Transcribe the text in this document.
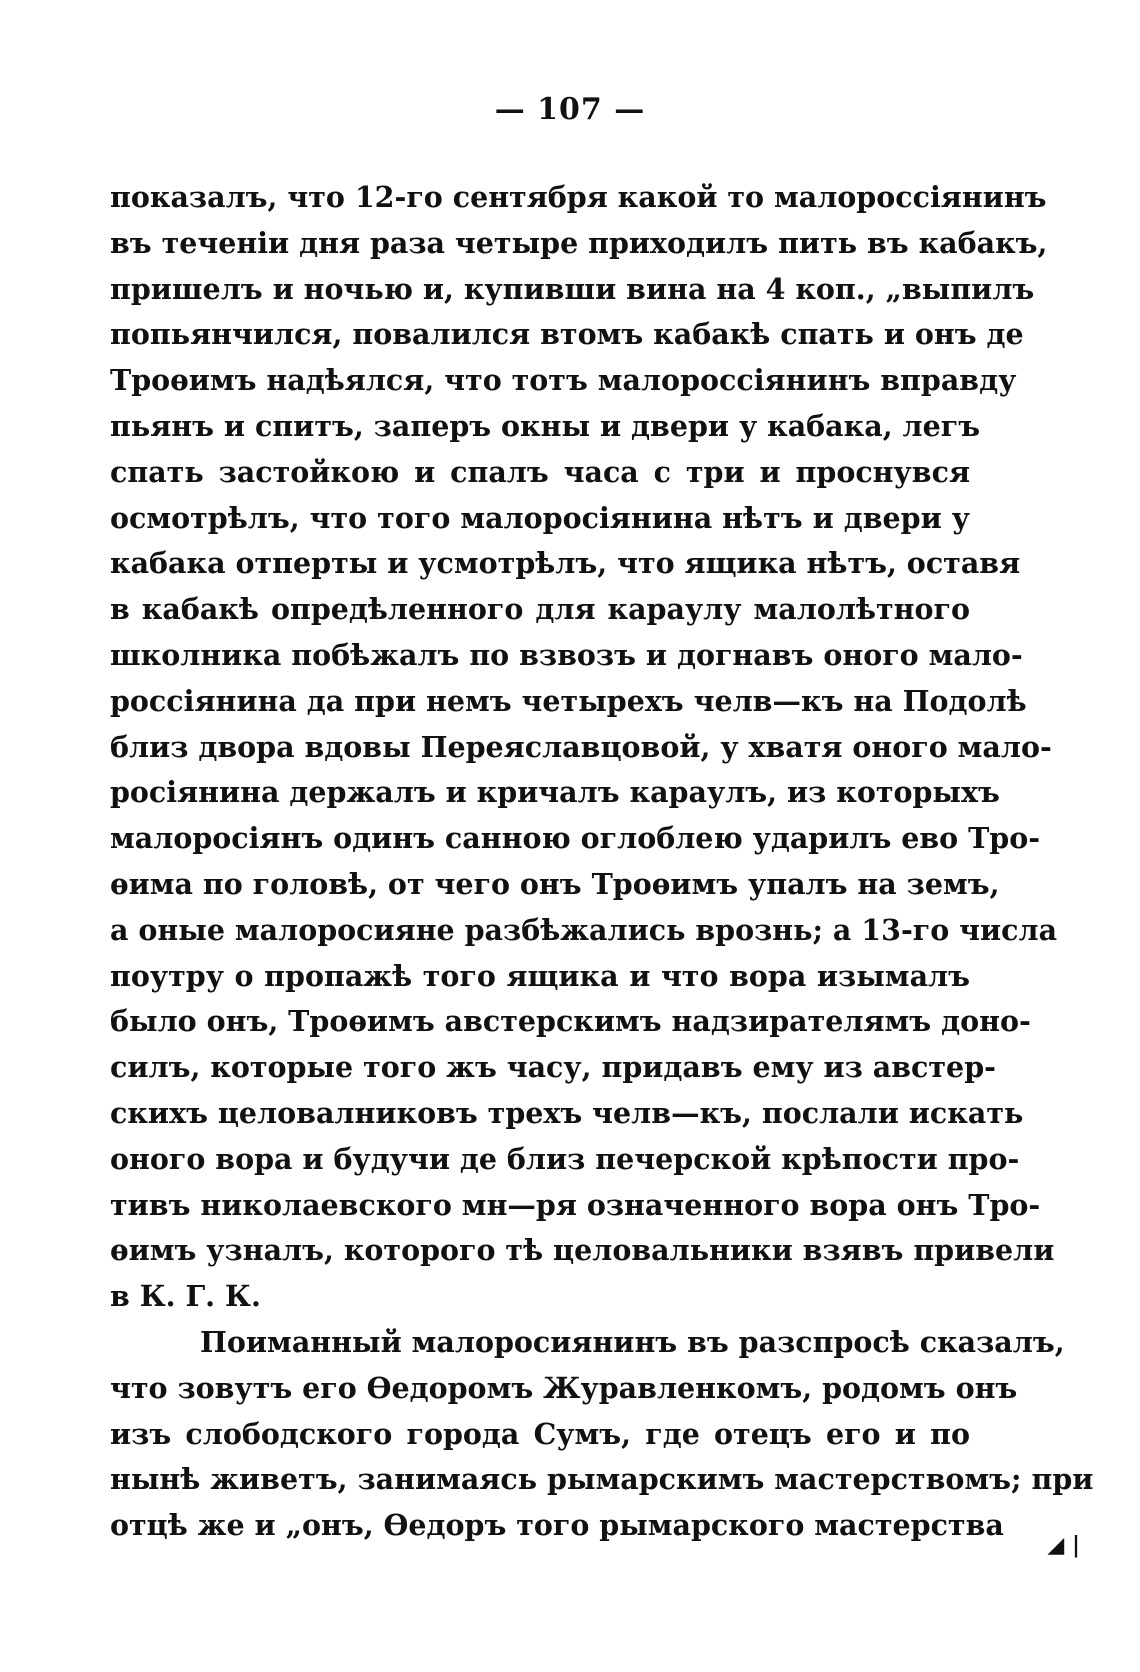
— 107 —
показалъ, что 12-го сентября какой то малороссіянинъ
въ теченіи дня раза четыре приходилъ пить въ кабакъ,
пришелъ и ночью и, купивши вина на 4 коп., „выпилъ
попьянчился, повалился втомъ кабакѣ спать и онъ де
Троѳимъ надѣялся, что тотъ малороссіянинъ вправду
пьянъ и спитъ, заперъ окны и двери у кабака, легъ
спать застойкою и спалъ часа с три и проснувся
осмотрѣлъ, что того малоросіянина нѣтъ и двери у
кабака отперты и усмотрѣлъ, что ящика нѣтъ, оставя
в кабакѣ опредѣленного для караулу малолѣтного
школника побѣжалъ по взвозъ и догнавъ оного мало-
россіянина да при немъ четырехъ челв—къ на Подолѣ
близ двора вдовы Переяславцовой, у хватя оного мало-
росіянина держалъ и кричалъ караулъ, из которыхъ
малоросіянъ одинъ санною оглоблею ударилъ ево Тро-
ѳима по головѣ, от чего онъ Троѳимъ упалъ на земъ,
а оные малоросияне разбѣжались врознь; а 13-го числа
поутру о пропажѣ того ящика и что вора изымалъ
было онъ, Троѳимъ австерскимъ надзирателямъ доно-
силъ, которые того жъ часу, придавъ ему из австер-
скихъ целовалниковъ трехъ челв—къ, послали искать
оного вора и будучи де близ печерской крѣпости про-
тивъ николаевского мн—ря означенного вора онъ Тро-
ѳимъ узналъ, которого тѣ целовальники взявъ привели
в К. Г. К.
Поиманный малоросиянинъ въ разспросѣ сказалъ,
что зовутъ его Ѳедоромъ Журавленкомъ, родомъ онъ
изъ слободского города Сумъ, где отецъ его и по
нынѣ живетъ, занимаясь рымарскимъ мастерствомъ; при
отцѣ же и „онъ, Ѳедоръ того рымарского мастерства
◢ |
